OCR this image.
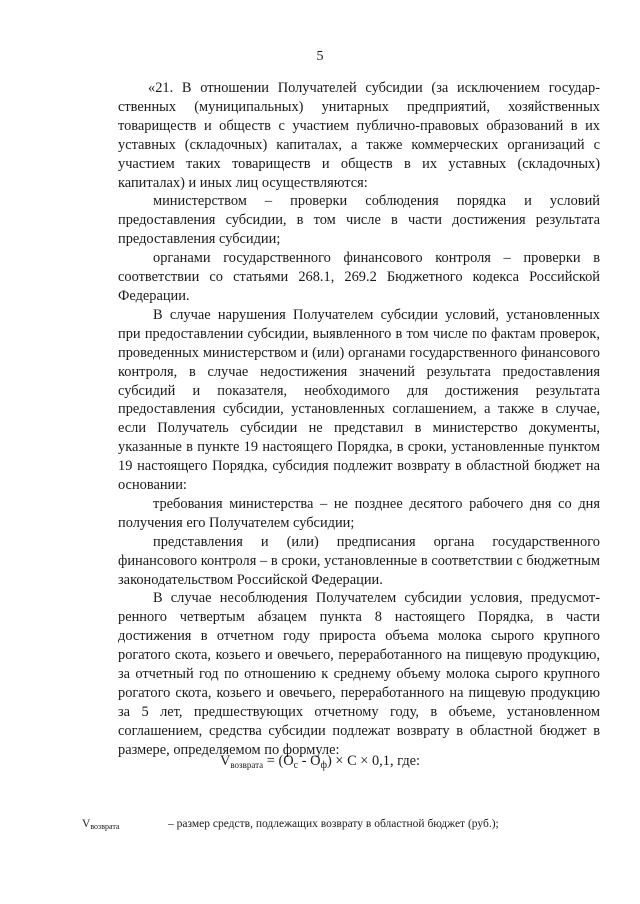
5

«21. В отношении Получателей субсидии (за исключением государственных (муниципальных) унитарных предприятий, хозяйственных товариществ и обществ с участием публично-правовых образований в их уставных (складочных) капиталах, а также коммерческих организаций с участием таких товариществ и обществ в их уставных (складочных) капиталах) и иных лиц осуществляются:

министерством – проверки соблюдения порядка и условий предоставления субсидии, в том числе в части достижения результата предоставления субсидии;

органами государственного финансового контроля – проверки в соответствии со статьями 268.1, 269.2 Бюджетного кодекса Российской Федерации.

В случае нарушения Получателем субсидии условий, установленных при предоставлении субсидии, выявленного в том числе по фактам проверок, проведенных министерством и (или) органами государственного финансового контроля, в случае недостижения значений результата предоставления субсидий и показателя, необходимого для достижения результата предоставления субсидии, установленных соглашением, а также в случае, если Получатель субсидии не представил в министерство документы, указанные в пункте 19 настоящего Порядка, в сроки, установленные пунктом 19 настоящего Порядка, субсидия подлежит возврату в областной бюджет на основании:

требования министерства – не позднее десятого рабочего дня со дня получения его Получателем субсидии;

представления и (или) предписания органа государственного финансового контроля – в сроки, установленные в соответствии с бюджетным законодательством Российской Федерации.

В случае несоблюдения Получателем субсидии условия, предусмотренного четвертым абзацем пункта 8 настоящего Порядка, в части достижения в отчетном году прироста объема молока сырого крупного рогатого скота, козьего и овечьего, переработанного на пищевую продукцию, за отчетный год по отношению к среднему объему молока сырого крупного рогатого скота, козьего и овечьего, переработанного на пищевую продукцию за 5 лет, предшествующих отчетному году, в объеме, установленном соглашением, средства субсидии подлежат возврату в областной бюджет в размере, определяемом по формуле:

$V_{возврата} = (O_с - O_ф) \times C \times 0,1$, где:
$V_{возврата}$	– размер средств, подлежащих возврату в областной бюджет (руб.);
